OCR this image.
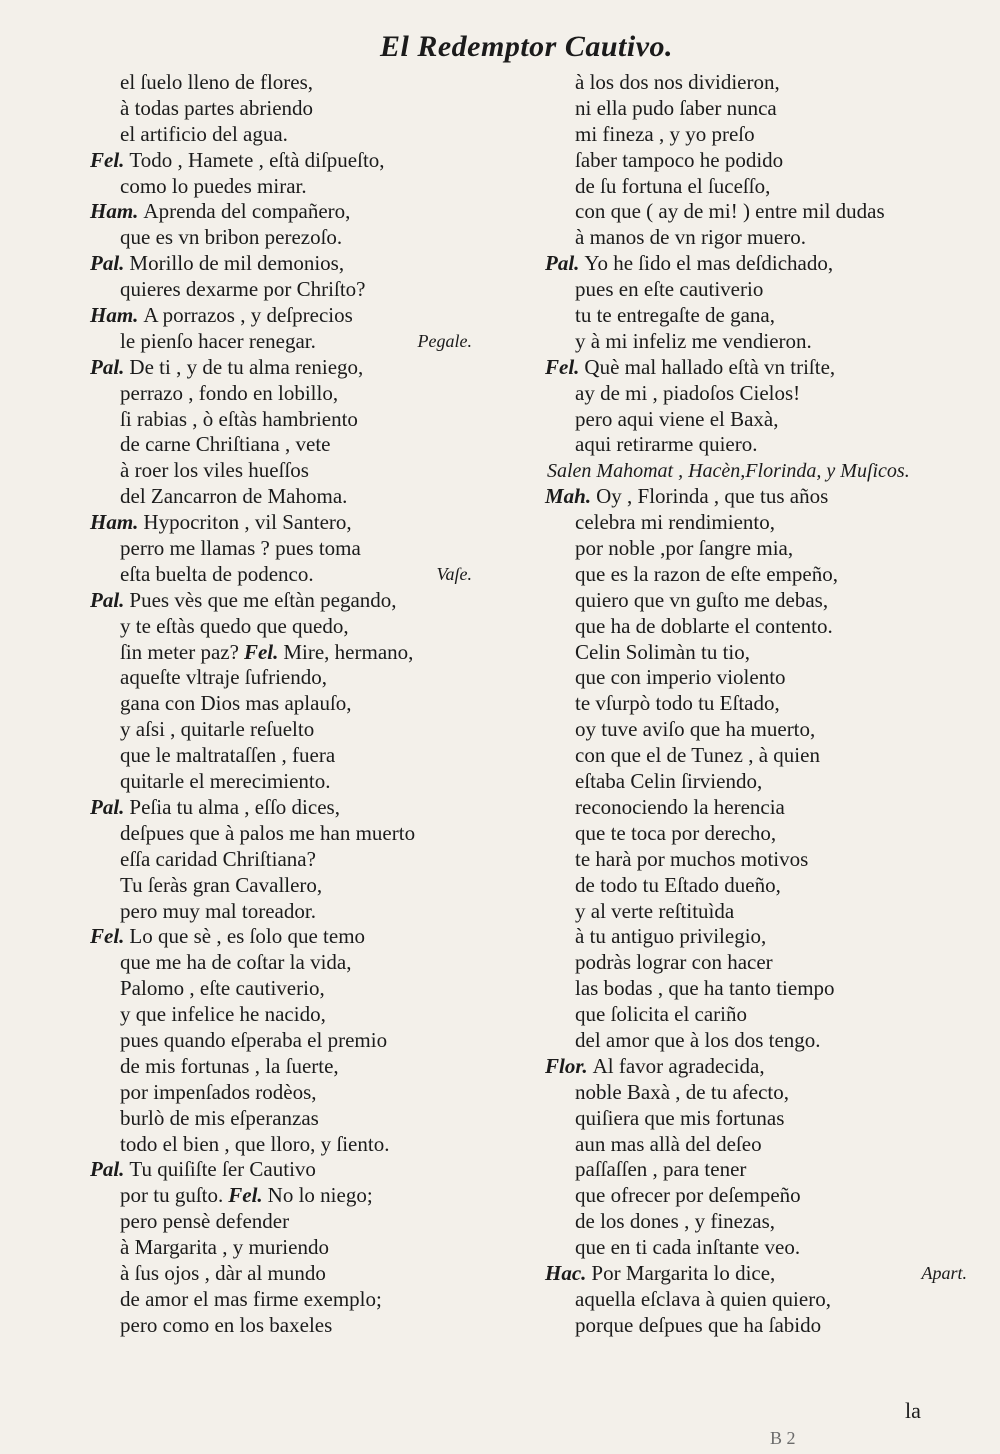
El Redemptor Cautivo.
el ſuelo lleno de flores,
à todas partes abriendo
el artificio del agua.
Fel. Todo , Hamete , eſtà diſpueſto,
como lo puedes mirar.
Ham. Aprenda del compañero,
que es vn bribon perezoſo.
Pal. Morillo de mil demonios,
quieres dexarme por Chriſto?
Ham. A porrazos , y deſprecios
le pienſo hacer renegar.	Pegale.
Pal. De ti , y de tu alma reniego,
perrazo , fondo en lobillo,
ſi rabias , ò eſtàs hambriento
de carne Chriſtiana , vete
à roer los viles hueſſos
del Zancarron de Mahoma.
Ham. Hypocriton , vil Santero,
perro me llamas ? pues toma
eſta buelta de podenco.	Vaſe.
Pal. Pues vès que me eſtàn pegando,
y te eſtàs quedo que quedo,
ſin meter paz? Fel. Mire, hermano,
aqueſte vltraje ſufriendo,
gana con Dios mas aplauſo,
y aſsi , quitarle reſuelto
que le maltrataſſen , fuera
quitarle el merecimiento.
Pal. Peſia tu alma , eſſo dices,
deſpues que à palos me han muerto
eſſa caridad Chriſtiana?
Tu ſeràs gran Cavallero,
pero muy mal toreador.
Fel. Lo que sè , es ſolo que temo
que me ha de coſtar la vida,
Palomo , eſte cautiverio,
y que infelice he nacido,
pues quando eſperaba el premio
de mis fortunas , la ſuerte,
por impenſados rodèos,
burlò de mis eſperanzas
todo el bien , que lloro, y ſiento.
Pal. Tu quiſiſte ſer Cautivo
por tu guſto. Fel. No lo niego;
pero pensè defender
à Margarita , y muriendo
à ſus ojos , dàr al mundo
de amor el mas firme exemplo;
pero como en los baxeles
à los dos nos dividieron,
ni ella pudo ſaber nunca
mi fineza , y yo preſo
ſaber tampoco he podido
de ſu fortuna el ſuceſſo,
con que ( ay de mi! ) entre mil dudas
à manos de vn rigor muero.
Pal. Yo he ſido el mas deſdichado,
pues en eſte cautiverio
tu te entregaſte de gana,
y à mi infeliz me vendieron.
Fel. Què mal hallado eſtà vn triſte,
ay de mi , piadoſos Cielos!
pero aqui viene el Baxà,
aqui retirarme quiero.
Salen Mahomat , Hacèn,Florinda, y Muſicos.
Mah. Oy , Florinda , que tus años
celebra mi rendimiento,
por noble ,por ſangre mia,
que es la razon de eſte empeño,
quiero que vn guſto me debas,
que ha de doblarte el contento.
Celin Solimàn tu tio,
que con imperio violento
te vſurpò todo tu Eſtado,
oy tuve aviſo que ha muerto,
con que el de Tunez , à quien
eſtaba Celin ſirviendo,
reconociendo la herencia
que te toca por derecho,
te harà por muchos motivos
de todo tu Eſtado dueño,
y al verte reſtituìda
à tu antiguo privilegio,
podràs lograr con hacer
las bodas , que ha tanto tiempo
que ſolicita el cariño
del amor que à los dos tengo.
Flor. Al favor agradecida,
noble Baxà , de tu afecto,
quiſiera que mis fortunas
aun mas allà del deſeo
paſſaſſen , para tener
que ofrecer por deſempeño
de los dones , y finezas,
que en ti cada inſtante veo.
Hac. Por Margarita lo dice,	Apart.
aquella eſclava à quien quiero,
porque deſpues que ha ſabido
la
B 2
